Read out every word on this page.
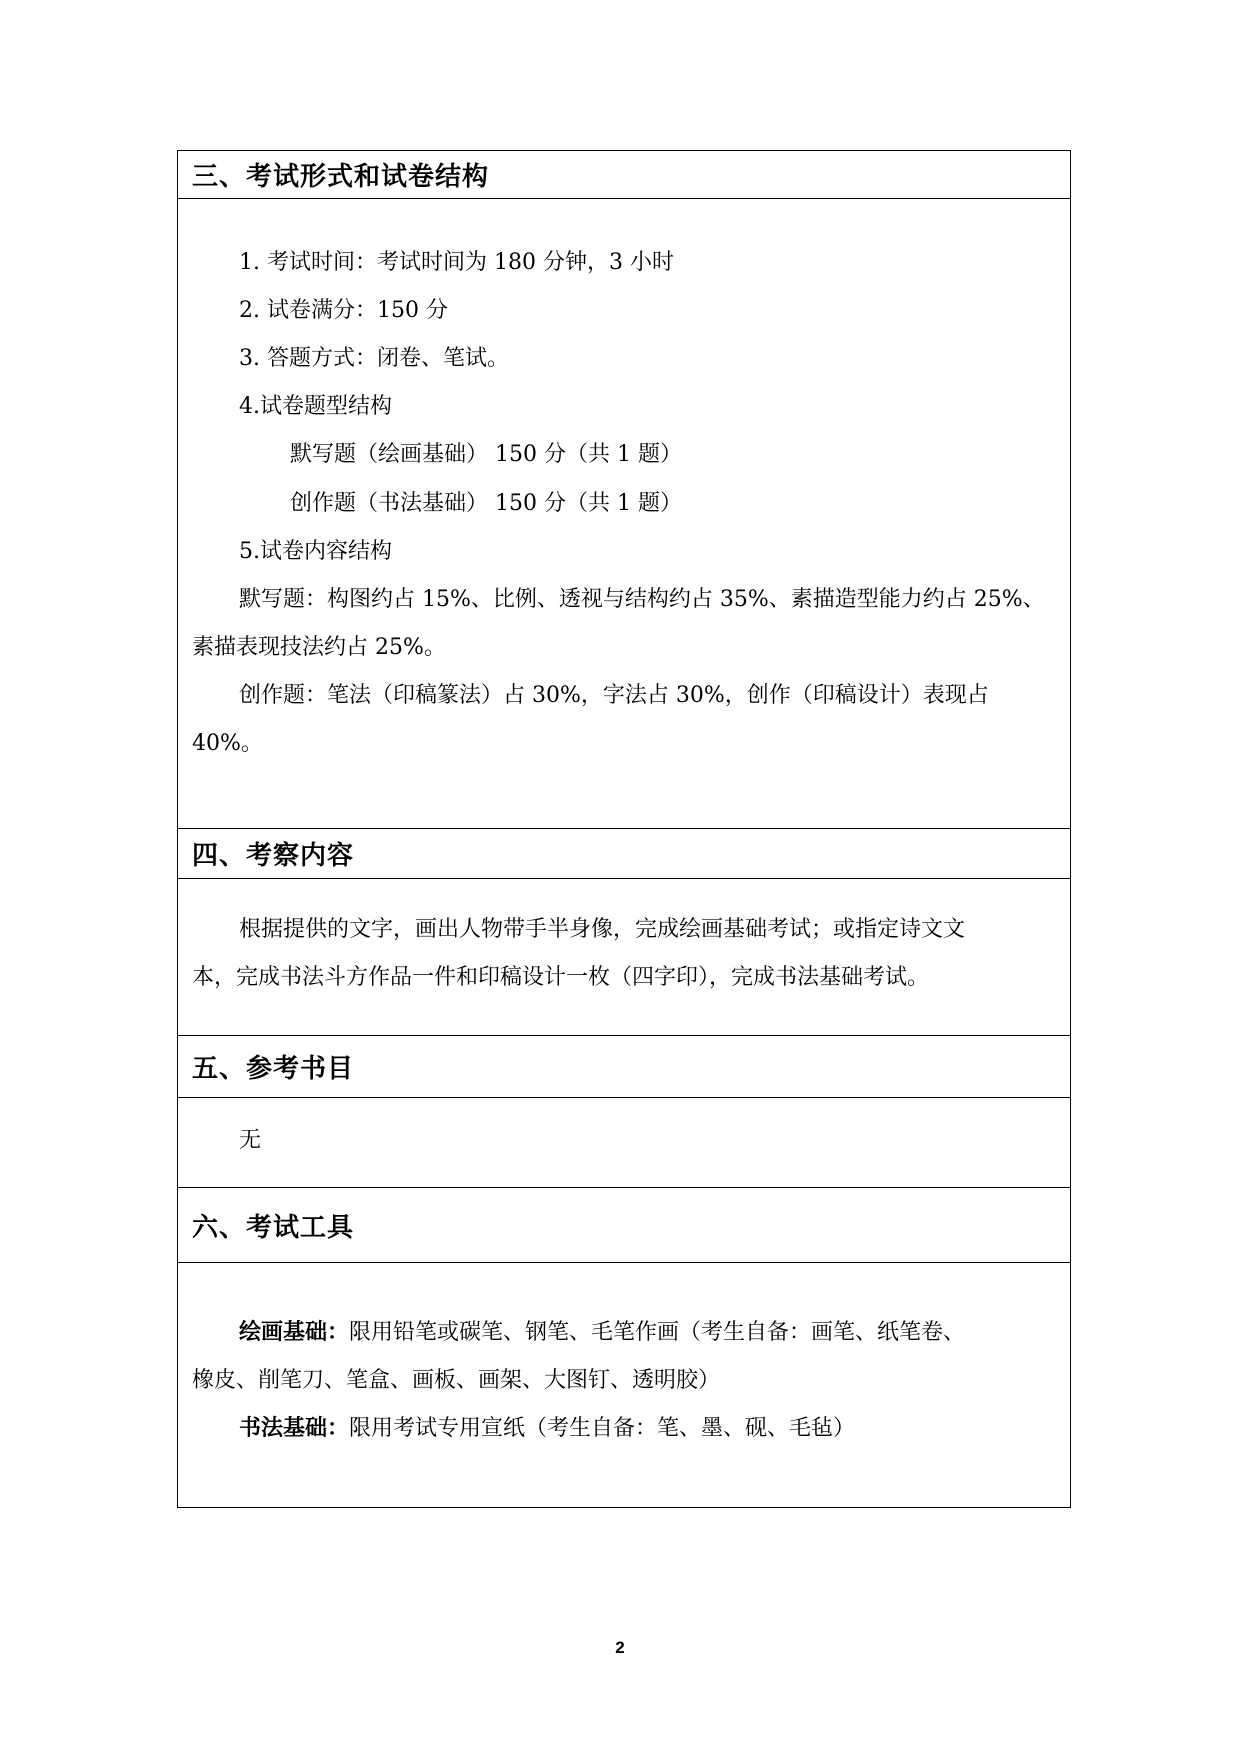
三、考试形式和试卷结构
1. 考试时间：考试时间为 180 分钟，3 小时
2. 试卷满分：150 分
3. 答题方式：闭卷、笔试。
4.试卷题型结构
默写题（绘画基础） 150 分（共 1 题）
创作题（书法基础） 150 分（共 1 题）
5.试卷内容结构
默写题：构图约占 15%、比例、透视与结构约占 35%、素描造型能力约占 25%、
素描表现技法约占 25%。
创作题：笔法（印稿篆法）占 30%，字法占 30%，创作（印稿设计）表现占
40%。
四、考察内容
根据提供的文字，画出人物带手半身像，完成绘画基础考试；或指定诗文文
本，完成书法斗方作品一件和印稿设计一枚（四字印），完成书法基础考试。
五、参考书目
无
六、考试工具
绘画基础：限用铅笔或碳笔、钢笔、毛笔作画（考生自备：画笔、纸笔卷、
橡皮、削笔刀、笔盒、画板、画架、大图钉、透明胶）
书法基础：限用考试专用宣纸（考生自备：笔、墨、砚、毛毡）
2
